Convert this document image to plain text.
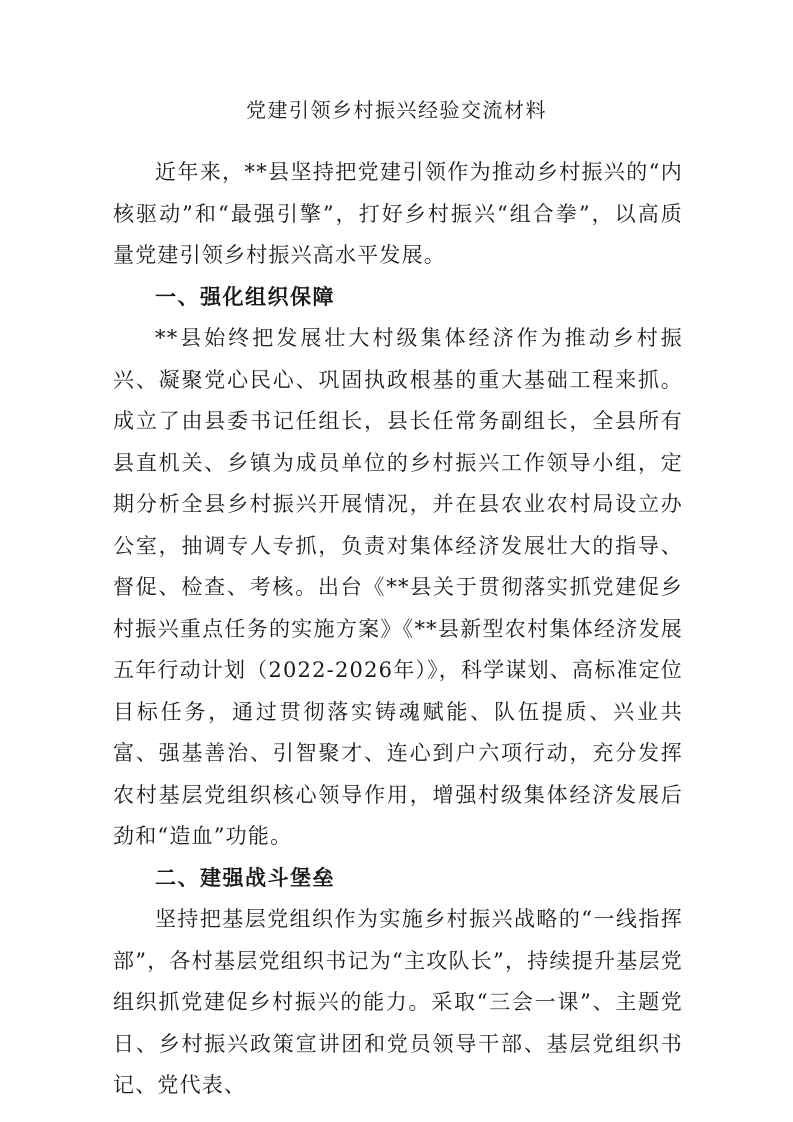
党建引领乡村振兴经验交流材料

近年来，**县坚持把党建引领作为推动乡村振兴的“内核驱动”和“最强引擎”，打好乡村振兴“组合拳”，以高质量党建引领乡村振兴高水平发展。

一、强化组织保障

**县始终把发展壮大村级集体经济作为推动乡村振兴、凝聚党心民心、巩固执政根基的重大基础工程来抓。成立了由县委书记任组长，县长任常务副组长，全县所有县直机关、乡镇为成员单位的乡村振兴工作领导小组，定期分析全县乡村振兴开展情况，并在县农业农村局设立办公室，抽调专人专抓，负责对集体经济发展壮大的指导、督促、检查、考核。出台《**县关于贯彻落实抓党建促乡村振兴重点任务的实施方案》《**县新型农村集体经济发展五年行动计划（2022-2026年）》，科学谋划、高标准定位目标任务，通过贯彻落实铸魂赋能、队伍提质、兴业共富、强基善治、引智聚才、连心到户六项行动，充分发挥农村基层党组织核心领导作用，增强村级集体经济发展后劲和“造血”功能。

二、建强战斗堡垒

坚持把基层党组织作为实施乡村振兴战略的“一线指挥部”，各村基层党组织书记为“主攻队长”，持续提升基层党组织抓党建促乡村振兴的能力。采取“三会一课”、主题党日、乡村振兴政策宣讲团和党员领导干部、基层党组织书记、党代表、
